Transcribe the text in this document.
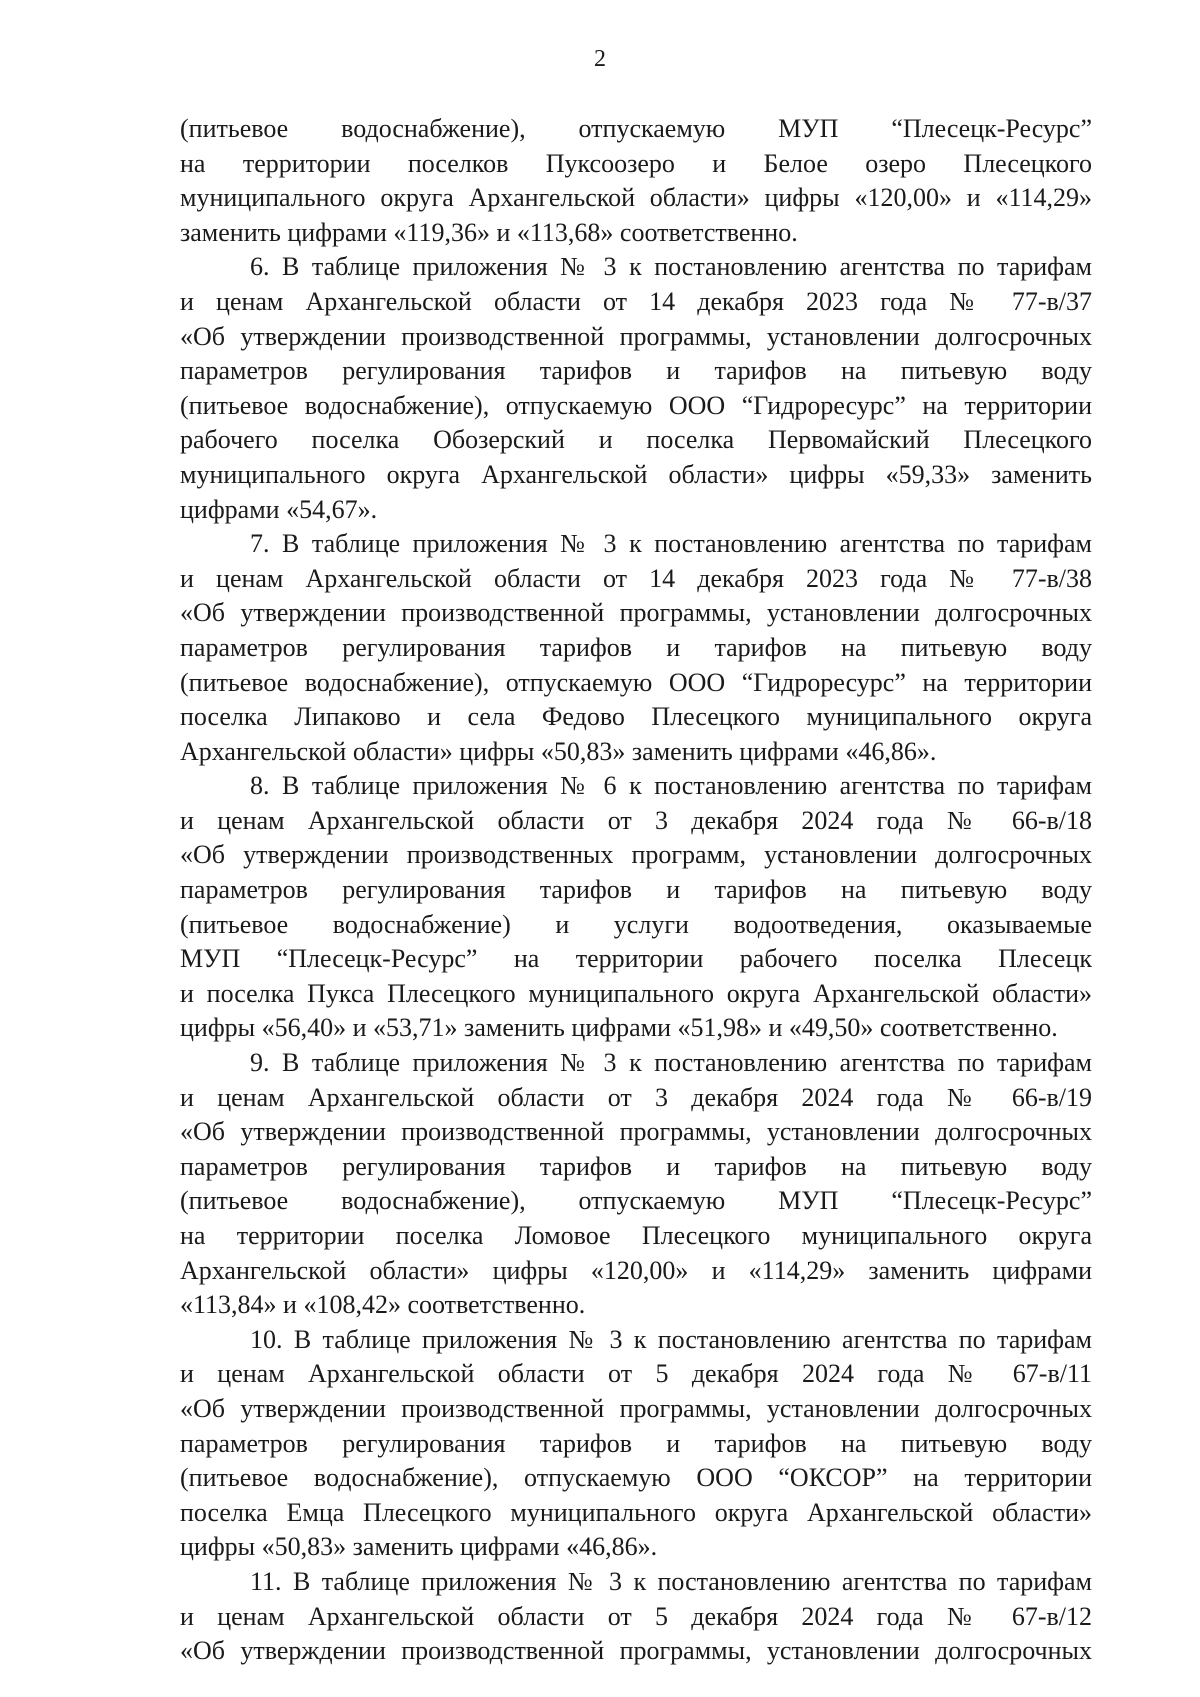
2
(питьевое водоснабжение), отпускаемую МУП “Плесецк-Ресурс”
на территории поселков Пуксоозеро и Белое озеро Плесецкого
муниципального округа Архангельской области» цифры «120,00» и «114,29»
заменить цифрами «119,36» и «113,68» соответственно.
6. В таблице приложения № 3 к постановлению агентства по тарифам
и ценам Архангельской области от 14 декабря 2023 года № 77-в/37
«Об утверждении производственной программы, установлении долгосрочных
параметров регулирования тарифов и тарифов на питьевую воду
(питьевое водоснабжение), отпускаемую ООО “Гидроресурс” на территории
рабочего поселка Обозерский и поселка Первомайский Плесецкого
муниципального округа Архангельской области» цифры «59,33» заменить
цифрами «54,67».
7. В таблице приложения № 3 к постановлению агентства по тарифам
и ценам Архангельской области от 14 декабря 2023 года № 77-в/38
«Об утверждении производственной программы, установлении долгосрочных
параметров регулирования тарифов и тарифов на питьевую воду
(питьевое водоснабжение), отпускаемую ООО “Гидроресурс” на территории
поселка Липаково и села Федово Плесецкого муниципального округа
Архангельской области» цифры «50,83» заменить цифрами «46,86».
8. В таблице приложения № 6 к постановлению агентства по тарифам
и ценам Архангельской области от 3 декабря 2024 года № 66-в/18
«Об утверждении производственных программ, установлении долгосрочных
параметров регулирования тарифов и тарифов на питьевую воду
(питьевое водоснабжение) и услуги водоотведения, оказываемые
МУП “Плесецк-Ресурс” на территории рабочего поселка Плесецк
и поселка Пукса Плесецкого муниципального округа Архангельской области»
цифры «56,40» и «53,71» заменить цифрами «51,98» и «49,50» соответственно.
9. В таблице приложения № 3 к постановлению агентства по тарифам
и ценам Архангельской области от 3 декабря 2024 года № 66-в/19
«Об утверждении производственной программы, установлении долгосрочных
параметров регулирования тарифов и тарифов на питьевую воду
(питьевое водоснабжение), отпускаемую МУП “Плесецк-Ресурс”
на территории поселка Ломовое Плесецкого муниципального округа
Архангельской области» цифры «120,00» и «114,29» заменить цифрами
«113,84» и «108,42» соответственно.
10. В таблице приложения № 3 к постановлению агентства по тарифам
и ценам Архангельской области от 5 декабря 2024 года № 67-в/11
«Об утверждении производственной программы, установлении долгосрочных
параметров регулирования тарифов и тарифов на питьевую воду
(питьевое водоснабжение), отпускаемую ООО “ОКСОР” на территории
поселка Емца Плесецкого муниципального округа Архангельской области»
цифры «50,83» заменить цифрами «46,86».
11. В таблице приложения № 3 к постановлению агентства по тарифам
и ценам Архангельской области от 5 декабря 2024 года № 67-в/12
«Об утверждении производственной программы, установлении долгосрочных
